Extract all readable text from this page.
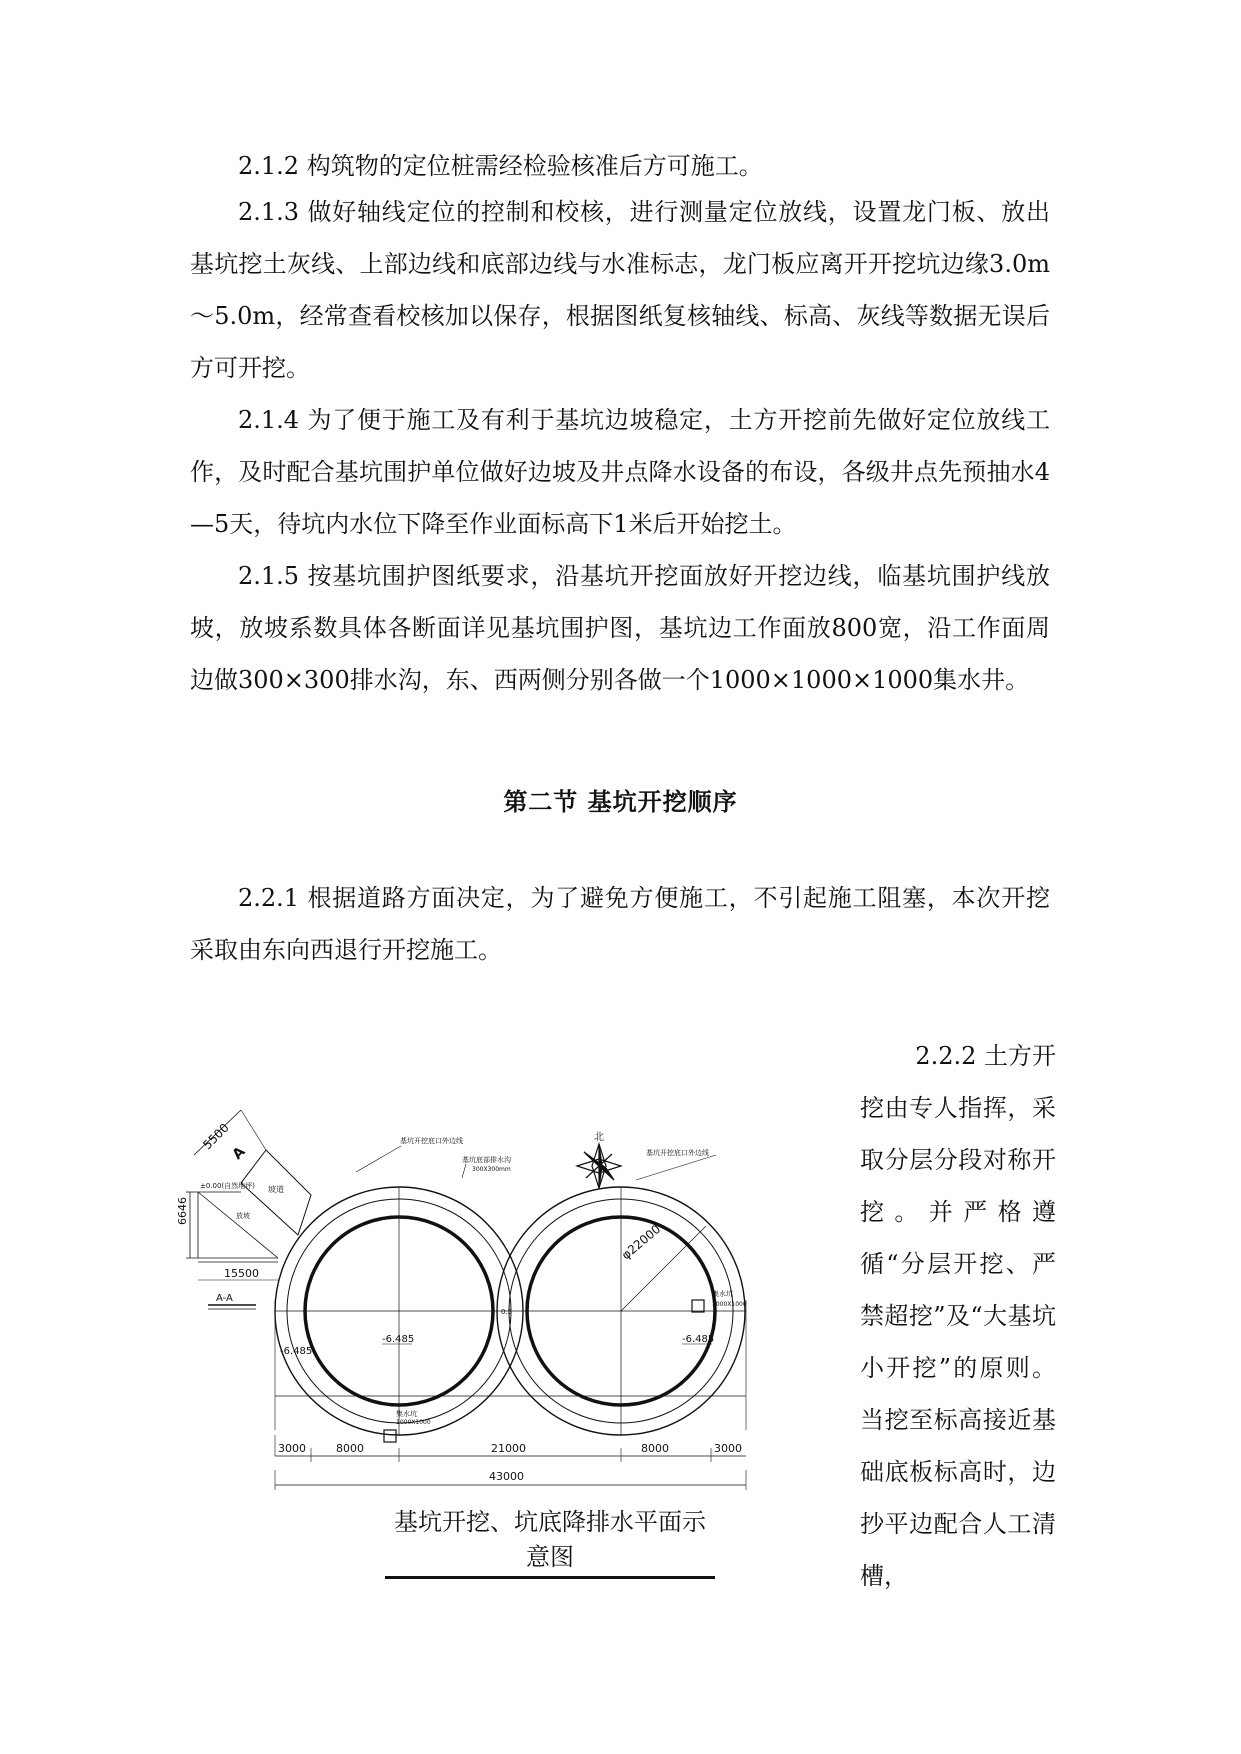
2.1.2 构筑物的定位桩需经检验核准后方可施工。

2.1.3 做好轴线定位的控制和校核，进行测量定位放线，设置龙门板、放出基坑挖土灰线、上部边线和底部边线与水准标志，龙门板应离开开挖坑边缘3.0m～5.0m，经常查看校核加以保存，根据图纸复核轴线、标高、灰线等数据无误后方可开挖。

2.1.4 为了便于施工及有利于基坑边坡稳定，土方开挖前先做好定位放线工作，及时配合基坑围护单位做好边坡及井点降水设备的布设，各级井点先预抽水4—5天，待坑内水位下降至作业面标高下1米后开始挖土。

2.1.5 按基坑围护图纸要求，沿基坑开挖面放好开挖边线，临基坑围护线放坡，放坡系数具体各断面详见基坑围护图，基坑边工作面放800宽，沿工作面周边做300×300排水沟，东、西两侧分别各做一个1000×1000×1000集水井。

第二节 基坑开挖顺序

2.2.1 根据道路方面决定，为了避免方便施工，不引起施工阻塞，本次开挖采取由东向西退行开挖施工。

2.2.2 土方开
挖由专人指挥，采取分层分段对称开挖。并严格遵循“分层开挖、严禁超挖”及“大基坑小开挖”的原则。当挖至标高接近基础底板标高时，边抄平边配合人工清槽，

北
5500
A
坡道
基坑开挖底口外边线
基坑开挖底口外边线
基坑底部排水沟
300X300mm
φ22000
集水坑
1000X1000
集水坑
1000X1000
-6.485	-6.485
0.5
-6.485
6646
±0.00(自然地坪)
放坡
15500
A-A
3000	8000	21000	8000	3000
43000
基坑开挖、坑底降排水平面示意图
